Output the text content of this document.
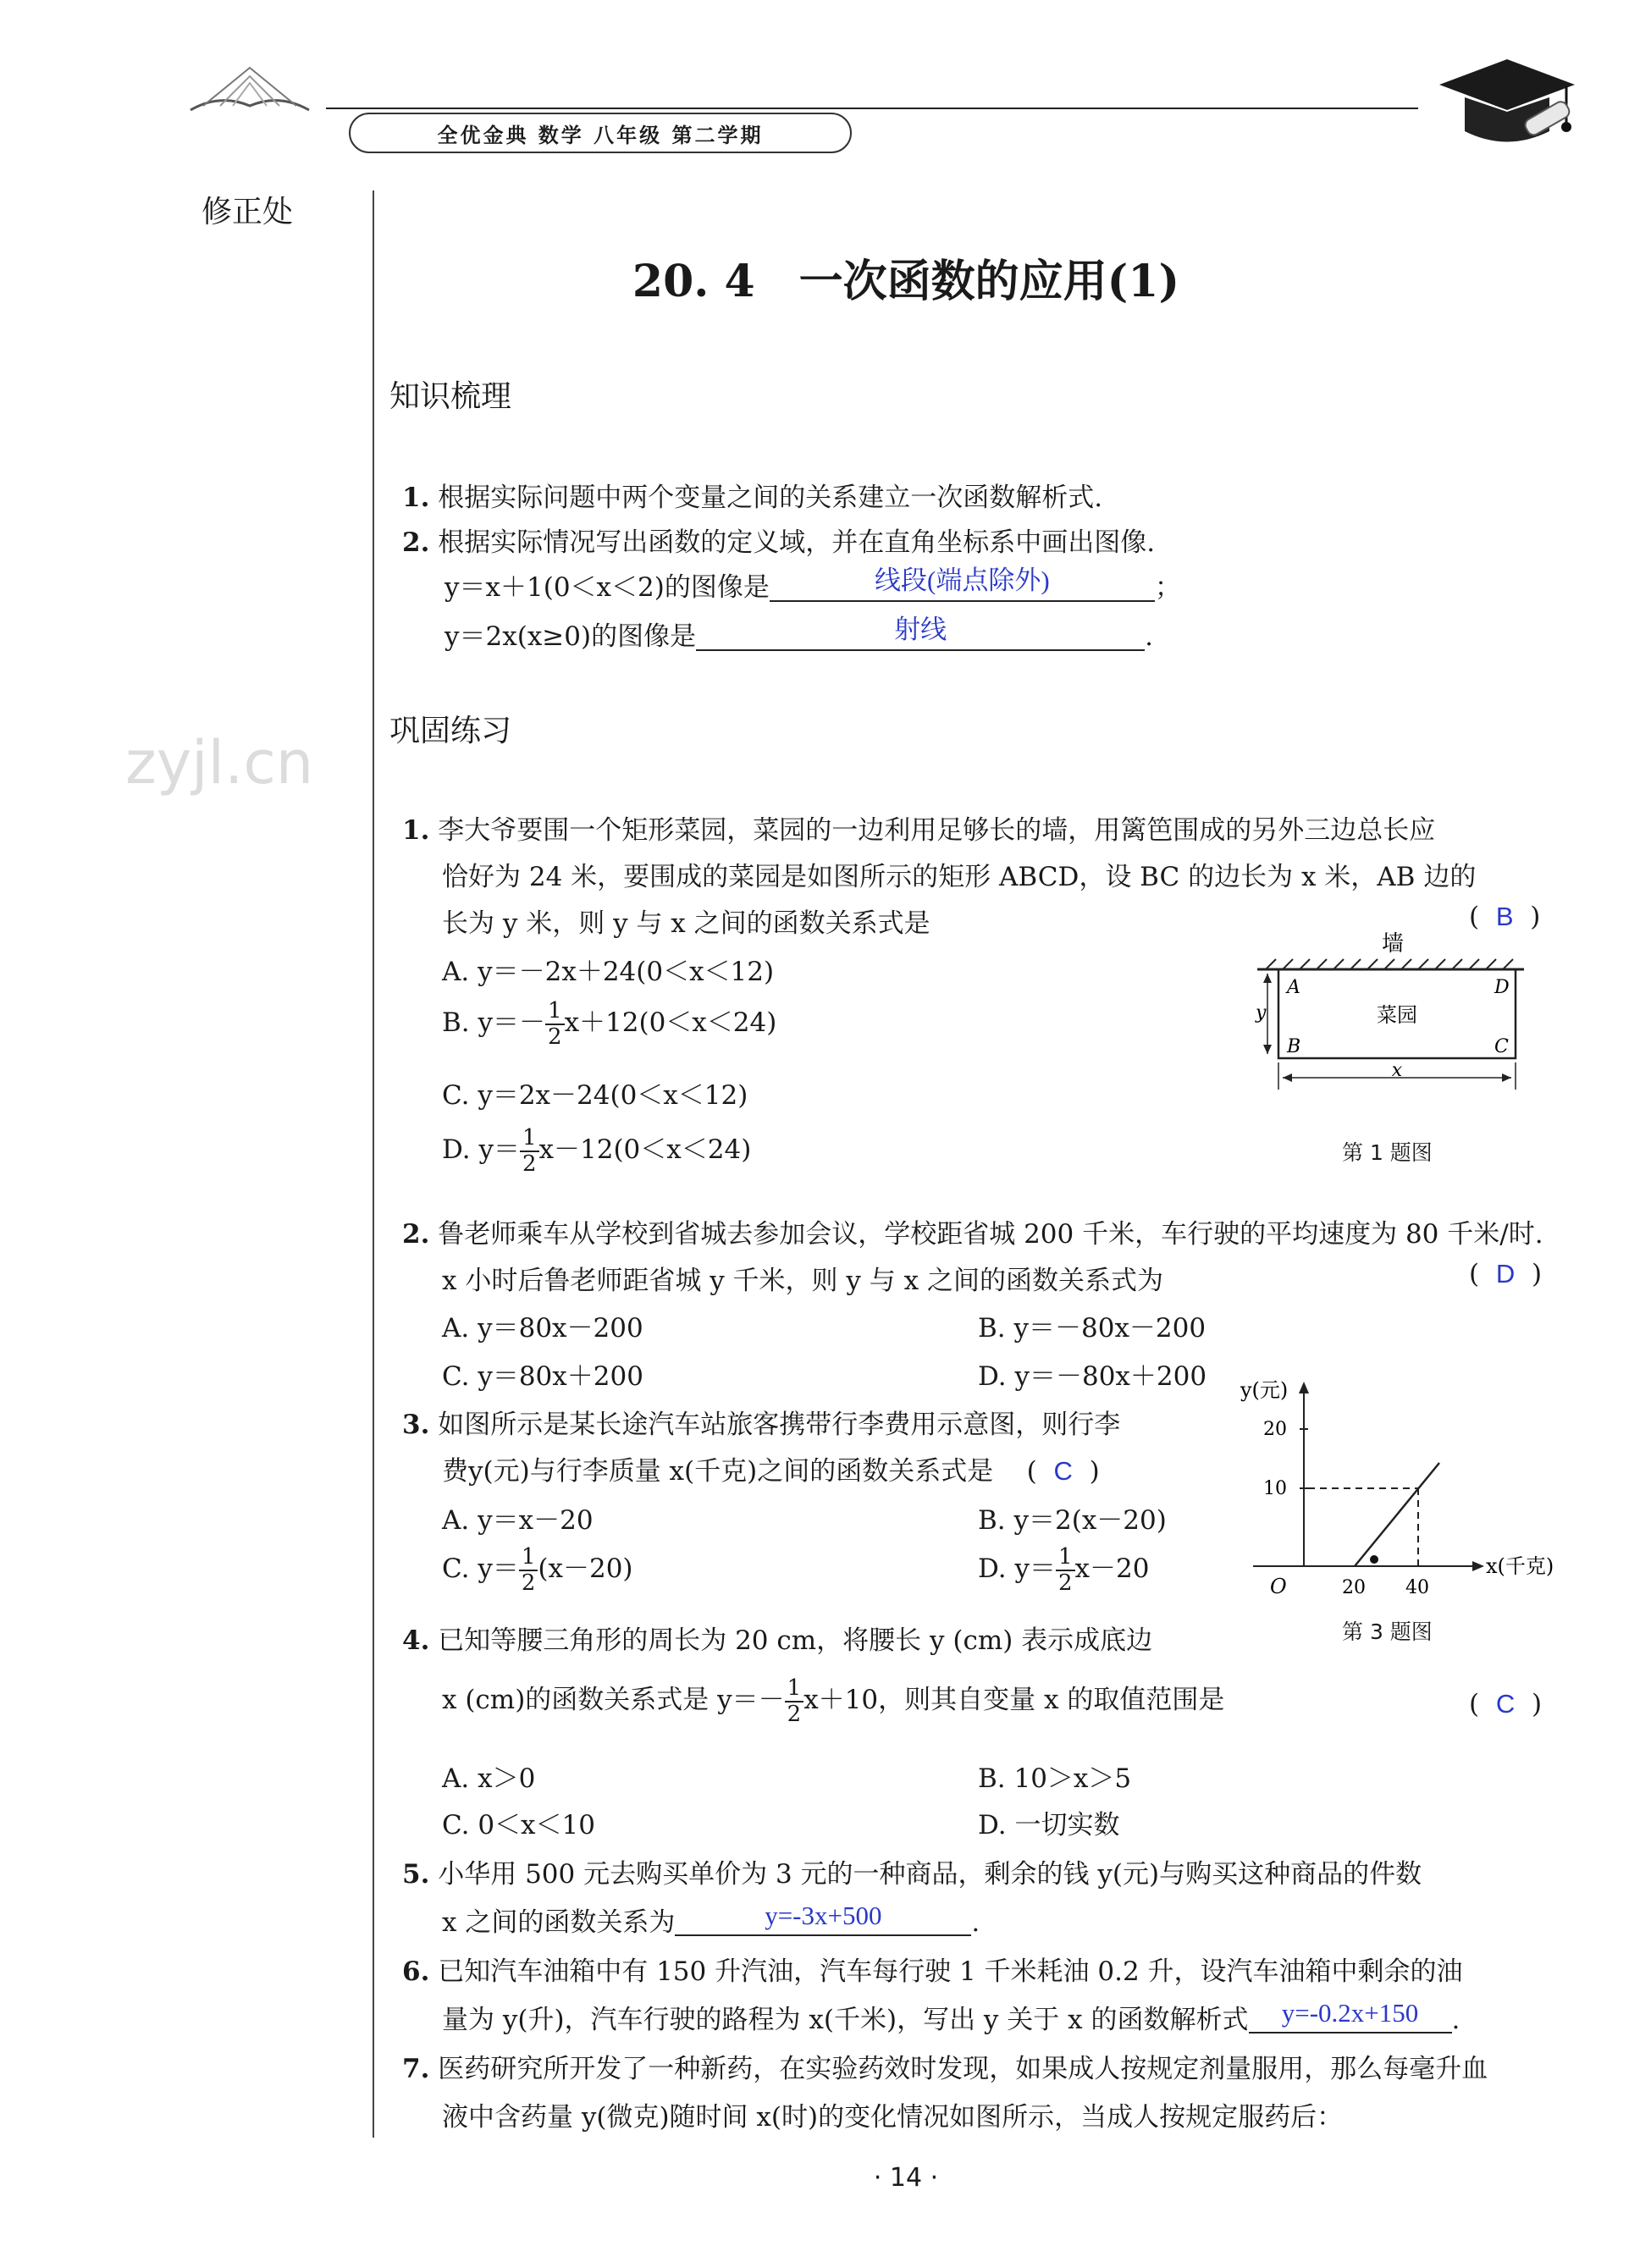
全优金典 数学 八年级 第二学期
修正处
zyjl.cn
20. 4　一次函数的应用(1)
知识梳理
1. 根据实际问题中两个变量之间的关系建立一次函数解析式.
2. 根据实际情况写出函数的定义域，并在直角坐标系中画出图像.
y＝x＋1(0＜x＜2)的图像是	线段(端点除外)	；
y＝2x(x≥0)的图像是	射线	.
巩固练习
1. 李大爷要围一个矩形菜园，菜园的一边利用足够长的墙，用篱笆围成的另外三边总长应
恰好为 24 米，要围成的菜园是如图所示的矩形 ABCD，设 BC 的边长为 x 米，AB 边的
长为 y 米，则 y 与 x 之间的函数关系式是	( B )
A. y＝－2x＋24(0＜x＜12)
B. $y=- \frac{1}{2} x+12(0<x<24)$
C. y＝2x－24(0＜x＜12)
D. $y= \frac{1}{2} x-12(0<x<24)$
墙
A	D
B	C
菜园
y
x
第 1 题图
2. 鲁老师乘车从学校到省城去参加会议，学校距省城 200 千米，车行驶的平均速度为 80 千米/时.
x 小时后鲁老师距省城 y 千米，则 y 与 x 之间的函数关系式为	( D )
A. y＝80x－200	B. y＝－80x－200
C. y＝80x＋200	D. y＝－80x＋200
3. 如图所示是某长途汽车站旅客携带行李费用示意图，则行李
费y(元)与行李质量 x(千克)之间的函数关系式是 ( C )
A. y＝x－20	B. y＝2(x－20)
C. $y= \frac{1}{2} (x-20)$	D. $y= \frac{1}{2} x-20$
y(元)
x(千克)
O
20
10
20 40
第 3 题图
4. 已知等腰三角形的周长为 20 cm，将腰长 y (cm) 表示成底边
x (cm)的函数关系式是 $y=- \frac{1}{2} x+10$，则其自变量 x 的取值范围是	( C )
A. x＞0	B. 10＞x＞5
C. 0＜x＜10	D. 一切实数
5. 小华用 500 元去购买单价为 3 元的一种商品，剩余的钱 y(元)与购买这种商品的件数
x 之间的函数关系为	y=-3x+500	.
6. 已知汽车油箱中有 150 升汽油，汽车每行驶 1 千米耗油 0.2 升，设汽车油箱中剩余的油
量为 y(升)，汽车行驶的路程为 x(千米)，写出 y 关于 x 的函数解析式 y=-0.2x+150 .
7. 医药研究所开发了一种新药，在实验药效时发现，如果成人按规定剂量服用，那么每毫升血
液中含药量 y(微克)随时间 x(时)的变化情况如图所示，当成人按规定服药后：
· 14 ·
